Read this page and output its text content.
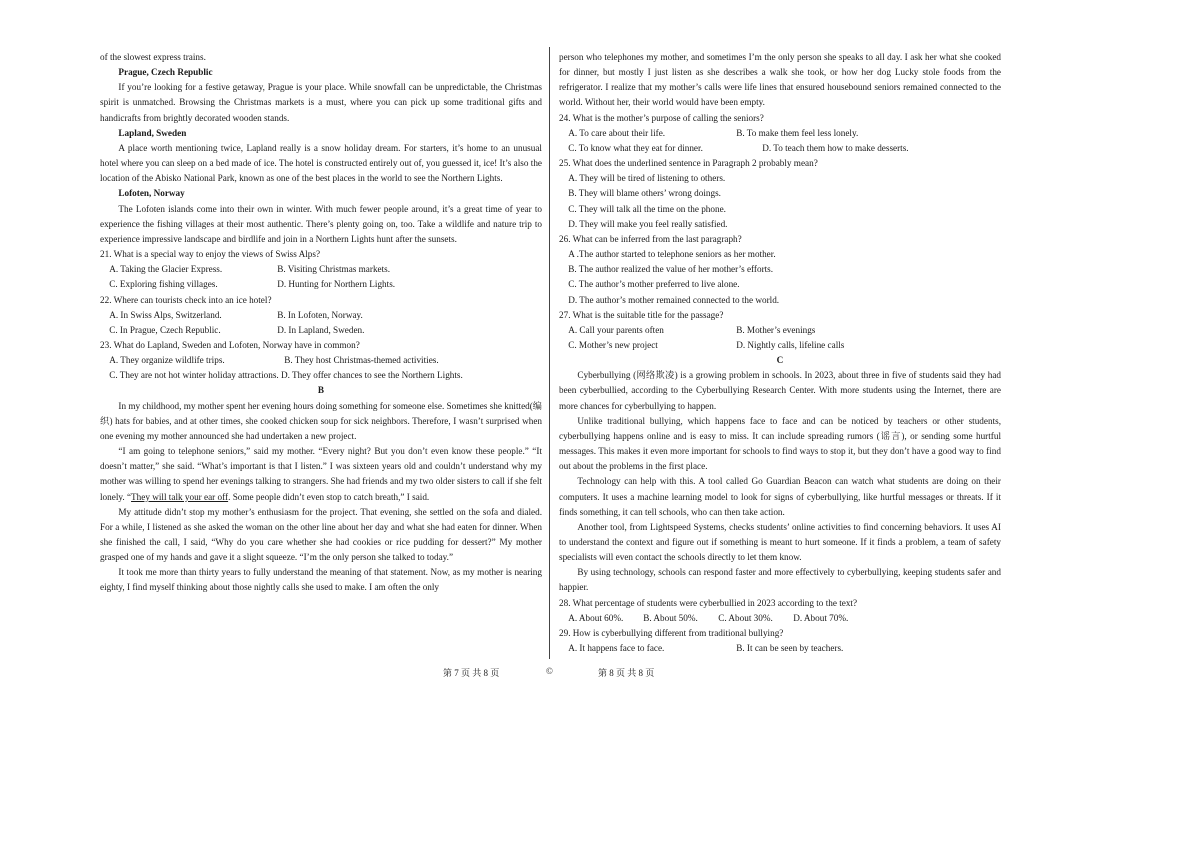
of the slowest express trains.

Prague, Czech Republic

If you’re looking for a festive getaway, Prague is your place. While snowfall can be unpredictable, the Christmas spirit is unmatched. Browsing the Christmas markets is a must, where you can pick up some traditional gifts and handicrafts from brightly decorated wooden stands.

Lapland, Sweden

A place worth mentioning twice, Lapland really is a snow holiday dream. For starters, it’s home to an unusual hotel where you can sleep on a bed made of ice. The hotel is constructed entirely out of, you guessed it, ice! It’s also the location of the Abisko National Park, known as one of the best places in the world to see the Northern Lights.

Lofoten, Norway

The Lofoten islands come into their own in winter. With much fewer people around, it’s a great time of year to experience the fishing villages at their most authentic. There’s plenty going on, too. Take a wildlife and nature trip to experience impressive landscape and birdlife and join in a Northern Lights hunt after the sunsets.

21. What is a special way to enjoy the views of Swiss Alps?

A. Taking the Glacier Express.	B. Visiting Christmas markets.
C. Exploring fishing villages.	D. Hunting for Northern Lights.

22. Where can tourists check into an ice hotel?

A. In Swiss Alps, Switzerland.	B. In Lofoten, Norway.
C. In Prague, Czech Republic.	D. In Lapland, Sweden.

23. What do Lapland, Sweden and Lofoten, Norway have in common?

A. They organize wildlife trips.	B. They host Christmas-themed activities.
C. They are not hot winter holiday attractions. D. They offer chances to see the Northern Lights.

B

In my childhood, my mother spent her evening hours doing something for someone else. Sometimes she knitted(编织) hats for babies, and at other times, she cooked chicken soup for sick neighbors. Therefore, I wasn’t surprised when one evening my mother announced she had undertaken a new project.

“I am going to telephone seniors,” said my mother. “Every night? But you don’t even know these people.” “It doesn’t matter,” she said. “What’s important is that I listen.” I was sixteen years old and couldn’t understand why my mother was willing to spend her evenings talking to strangers. She had friends and my two older sisters to call if she felt lonely. “They will talk your ear off. Some people didn’t even stop to catch breath,” I said.

My attitude didn’t stop my mother’s enthusiasm for the project. That evening, she settled on the sofa and dialed. For a while, I listened as she asked the woman on the other line about her day and what she had eaten for dinner. When she finished the call, I said, “Why do you care whether she had cookies or rice pudding for dessert?” My mother grasped one of my hands and gave it a slight squeeze. “I’m the only person she talked to today.”

It took me more than thirty years to fully understand the meaning of that statement. Now, as my mother is nearing eighty, I find myself thinking about those nightly calls she used to make. I am often the only

person who telephones my mother, and sometimes I’m the only person she speaks to all day. I ask her what she cooked for dinner, but mostly I just listen as she describes a walk she took, or how her dog Lucky stole foods from the refrigerator. I realize that my mother’s calls were life lines that ensured housebound seniors remained connected to the world. Without her, their world would have been empty.

24. What is the mother’s purpose of calling the seniors?

A. To care about their life.	B. To make them feel less lonely.
C. To know what they eat for dinner.	D. To teach them how to make desserts.

25. What does the underlined sentence in Paragraph 2 probably mean?

A. They will be tired of listening to others.
B. They will blame others’ wrong doings.
C. They will talk all the time on the phone.
D. They will make you feel really satisfied.

26. What can be inferred from the last paragraph?

A .The author started to telephone seniors as her mother.
B. The author realized the value of her mother’s efforts.
C. The author’s mother preferred to live alone.
D. The author’s mother remained connected to the world.

27. What is the suitable title for the passage?

A. Call your parents often	B. Mother’s evenings
C. Mother’s new project	D. Nightly calls, lifeline calls

C

Cyberbullying (网络欺凌) is a growing problem in schools. In 2023, about three in five of students said they had been cyberbullied, according to the Cyberbullying Research Center. With more students using the Internet, there are more chances for cyberbullying to happen.

Unlike traditional bullying, which happens face to face and can be noticed by teachers or other students, cyberbullying happens online and is easy to miss. It can include spreading rumors (谣言), or sending some hurtful messages. This makes it even more important for schools to find ways to stop it, but they don’t have a good way to find out about the problems in the first place.

Technology can help with this. A tool called Go Guardian Beacon can watch what students are doing on their computers. It uses a machine learning model to look for signs of cyberbullying, like hurtful messages or threats. If it finds something, it can tell schools, who can then take action.

Another tool, from Lightspeed Systems, checks students’ online activities to find concerning behaviors. It uses AI to understand the context and figure out if something is meant to hurt someone. If it finds a problem, a team of safety specialists will even contact the schools directly to let them know.

By using technology, schools can respond faster and more effectively to cyberbullying, keeping students safer and happier.

28. What percentage of students were cyberbullied in 2023 according to the text?

A. About 60%.	B. About 50%.	C. About 30%.	D. About 70%.

29. How is cyberbullying different from traditional bullying?

A. It happens face to face.	B. It can be seen by teachers.
第 7 页 共 8 页	©	第 8 页 共 8 页
